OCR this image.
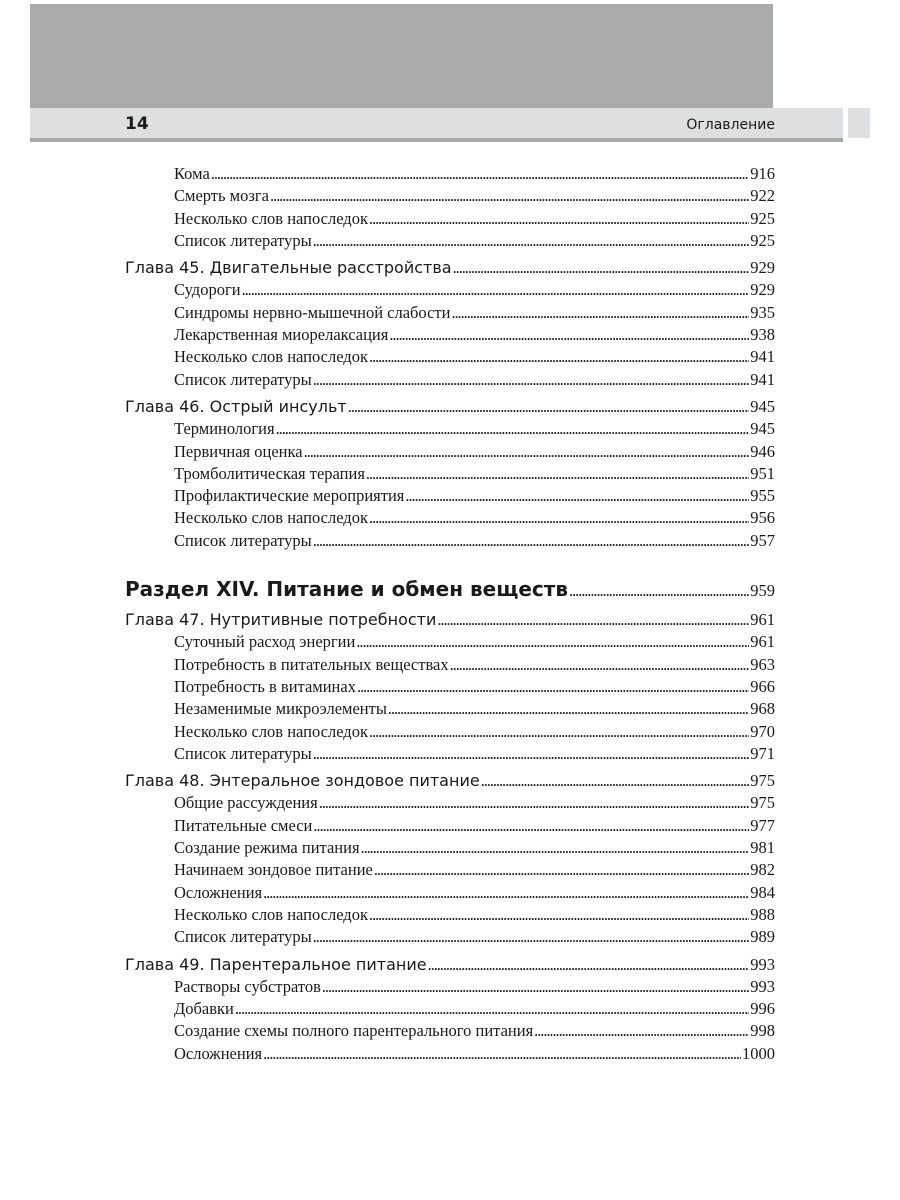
14	Оглавление
Кома . . .	916
Смерть мозга . . .	922
Несколько слов напоследок . . .	925
Список литературы . . .	925
Глава 45. Двигательные расстройства . . .	929
Судороги . . .	929
Синдромы нервно-мышечной слабости . . .	935
Лекарственная миорелаксация . . .	938
Несколько слов напоследок . . .	941
Список литературы . . .	941
Глава 46. Острый инсульт . . .	945
Терминология . . .	945
Первичная оценка . . .	946
Тромболитическая терапия . . .	951
Профилактические мероприятия . . .	955
Несколько слов напоследок . . .	956
Список литературы . . .	957
Раздел XIV. Питание и обмен веществ . . .	959
Глава 47. Нутритивные потребности . . .	961
Суточный расход энергии . . .	961
Потребность в питательных веществах . . .	963
Потребность в витаминах . . .	966
Незаменимые микроэлементы . . .	968
Несколько слов напоследок . . .	970
Список литературы . . .	971
Глава 48. Энтеральное зондовое питание . . .	975
Общие рассуждения . . .	975
Питательные смеси . . .	977
Создание режима питания . . .	981
Начинаем зондовое питание . . .	982
Осложнения . . .	984
Несколько слов напоследок . . .	988
Список литературы . . .	989
Глава 49. Парентеральное питание . . .	993
Растворы субстратов . . .	993
Добавки . . .	996
Создание схемы полного парентерального питания . . .	998
Осложнения . . .	1000
